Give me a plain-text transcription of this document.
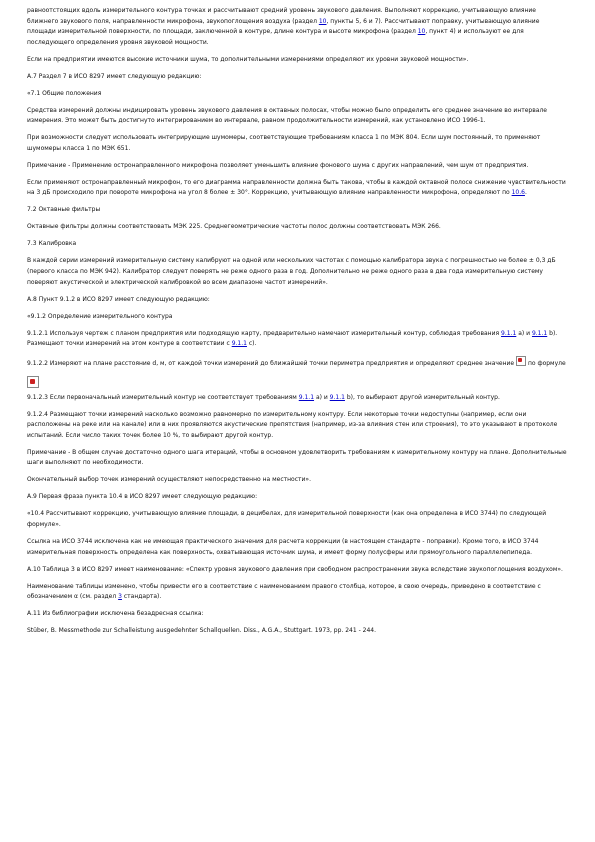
равноотстоящих вдоль измерительного контура точках и рассчитывают средний уровень звукового давления. Выполняют коррекцию, учитывающую влияние ближнего звукового поля, направленности микрофона, звукопоглощения воздуха (раздел 10, пункты 5, 6 и 7). Рассчитывают поправку, учитывающую влияние площади измерительной поверхности, по площади, заключенной в контуре, длине контура и высоте микрофона (раздел 10, пункт 4) и используют ее для последующего определения уровня звуковой мощности.

Если на предприятии имеются высокие источники шума, то дополнительными измерениями определяют их уровни звуковой мощности».

А.7 Раздел 7 в ИСО 8297 имеет следующую редакцию:

«7.1 Общие положения

Средства измерений должны индицировать уровень звукового давления в октавных полосах, чтобы можно было определить его среднее значение во интервале измерения. Это может быть достигнуто интегрированием во интервале, равном продолжительности измерений, как установлено ИСО 1996-1.

При возможности следует использовать интегрирующие шумомеры, соответствующие требованиям класса 1 по МЭК 804. Если шум постоянный, то применяют шумомеры класса 1 по МЭК 651.

Примечание - Применение остронаправленного микрофона позволяет уменьшить влияние фонового шума с других направлений, чем шум от предприятия.

Если применяют остронаправленный микрофон, то его диаграмма направленности должна быть такова, чтобы в каждой октавной полосе снижение чувствительности на 3 дБ происходило при повороте микрофона на угол 8 более ± 30°. Коррекцию, учитывающую влияние направленности микрофона, определяют по 10.6.

7.2 Октавные фильтры

Октавные фильтры должны соответствовать МЭК 225. Среднегеометрические частоты полос должны соответствовать МЭК 266.

7.3 Калибровка

В каждой серии измерений измерительную систему калибруют на одной или нескольких частотах с помощью калибратора звука с погрешностью не более ± 0,3 дБ (первого класса по МЭК 942). Калибратор следует поверять не реже одного раза в год. Дополнительно не реже одного раза в два года измерительную систему поверяют акустической и электрической калибровкой во всем диапазоне частот измерений».

А.8 Пункт 9.1.2 в ИСО 8297 имеет следующую редакцию:

«9.1.2 Определение измерительного контура

9.1.2.1 Используя чертеж с планом предприятия или подходящую карту, предварительно намечают измерительный контур, соблюдая требования 9.1.1 а) и 9.1.1 b). Размещают точки измерений на этом контуре в соответствии с 9.1.1 c).

9.1.2.2 Измеряют на плане расстояние d, м, от каждой точки измерений до ближайшей точки периметра предприятия и определяют среднее значение  по формуле

9.1.2.3 Если первоначальный измерительный контур не соответствует требованиям 9.1.1 а) и 9.1.1 b), то выбирают другой измерительный контур.

9.1.2.4 Размещают точки измерений насколько возможно равномерно по измерительному контуру. Если некоторые точки недоступны (например, если они расположены на реке или на канале) или в них проявляются акустические препятствия (например, из-за влияния стен или строения), то это указывают в протоколе испытаний. Если число таких точек более 10 %, то выбирают другой контур.

Примечание - В общем случае достаточно одного шага итераций, чтобы в основном удовлетворить требованиям к измерительному контуру на плане. Дополнительные шаги выполняют по необходимости.

Окончательный выбор точек измерений осуществляют непосредственно на местности».

А.9 Первая фраза пункта 10.4 в ИСО 8297 имеет следующую редакцию:

«10.4 Рассчитывают коррекцию, учитывающую влияние площади, в децибелах, для измерительной поверхности (как она определена в ИСО 3744) по следующей формуле».

Ссылка на ИСО 3744 исключена как не имеющая практического значения для расчета коррекции (в настоящем стандарте - поправки). Кроме того, в ИСО 3744 измерительная поверхность определена как поверхность, охватывающая источник шума, и имеет форму полусферы или прямоугольного параллелепипеда.

А.10 Таблица 3 в ИСО 8297 имеет наименование: «Спектр уровня звукового давления при свободном распространении звука вследствие звукопоглощения воздухом».

Наименование таблицы изменено, чтобы привести его в соответствие с наименованием правого столбца, которое, в свою очередь, приведено в соответствие с обозначением α (см. раздел 3 стандарта).

А.11 Из библиографии исключена безадресная ссылка:

Stüber, B. Messmethode zur Schalleistung ausgedehnter Schallquellen. Diss., A.G.A., Stuttgart. 1973, pp. 241 - 244.
